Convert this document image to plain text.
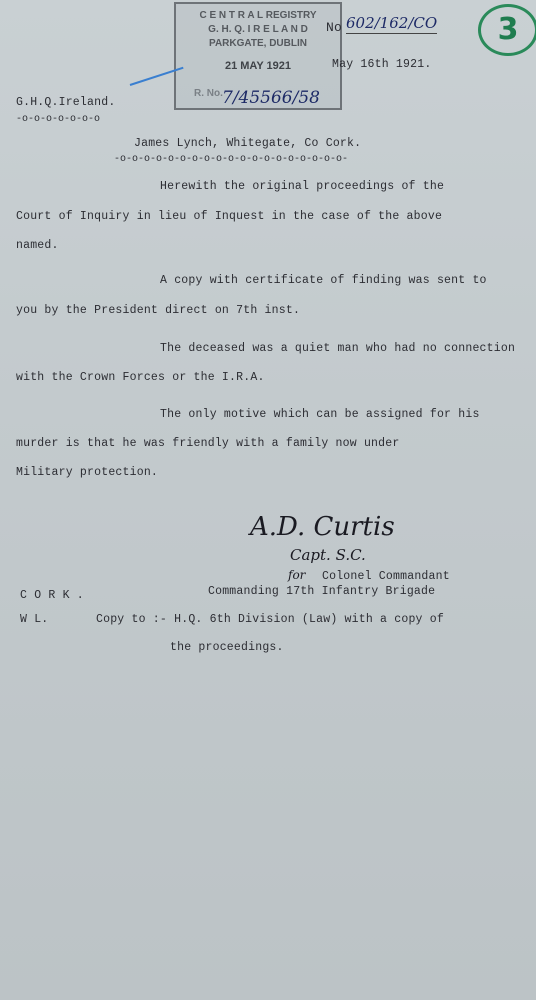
C E N T R A L REGISTRY
G. H. Q. I R E L A N D
PARKGATE, DUBLIN
21 MAY 1921
R. No. 7/45566/58
No 602/162/CO	3
May 16th 1921.
G.H.Q.Ireland.
-o-o-o-o-o-o-o
James Lynch, Whitegate, Co Cork.
-o-o-o-o-o-o-o-o-o-o-o-o-o-o-o-o-o-o-o-
Herewith the original proceedings of the
Court of Inquiry in lieu of Inquest in the case of the above
named.
A copy with certificate of finding was sent to
you by the President direct on 7th inst.
The deceased was a quiet man who had no connection
with the Crown Forces or the I.R.A.
The only motive which can be assigned for his
murder is that he was friendly with a family now under
Military protection.
A.D. Curtis
Capt. S.C.
for Colonel Commandant
Commanding 17th Infantry Brigade
C O R K .
W L.	Copy to :- H.Q. 6th Division (Law) with a copy of
the proceedings.
